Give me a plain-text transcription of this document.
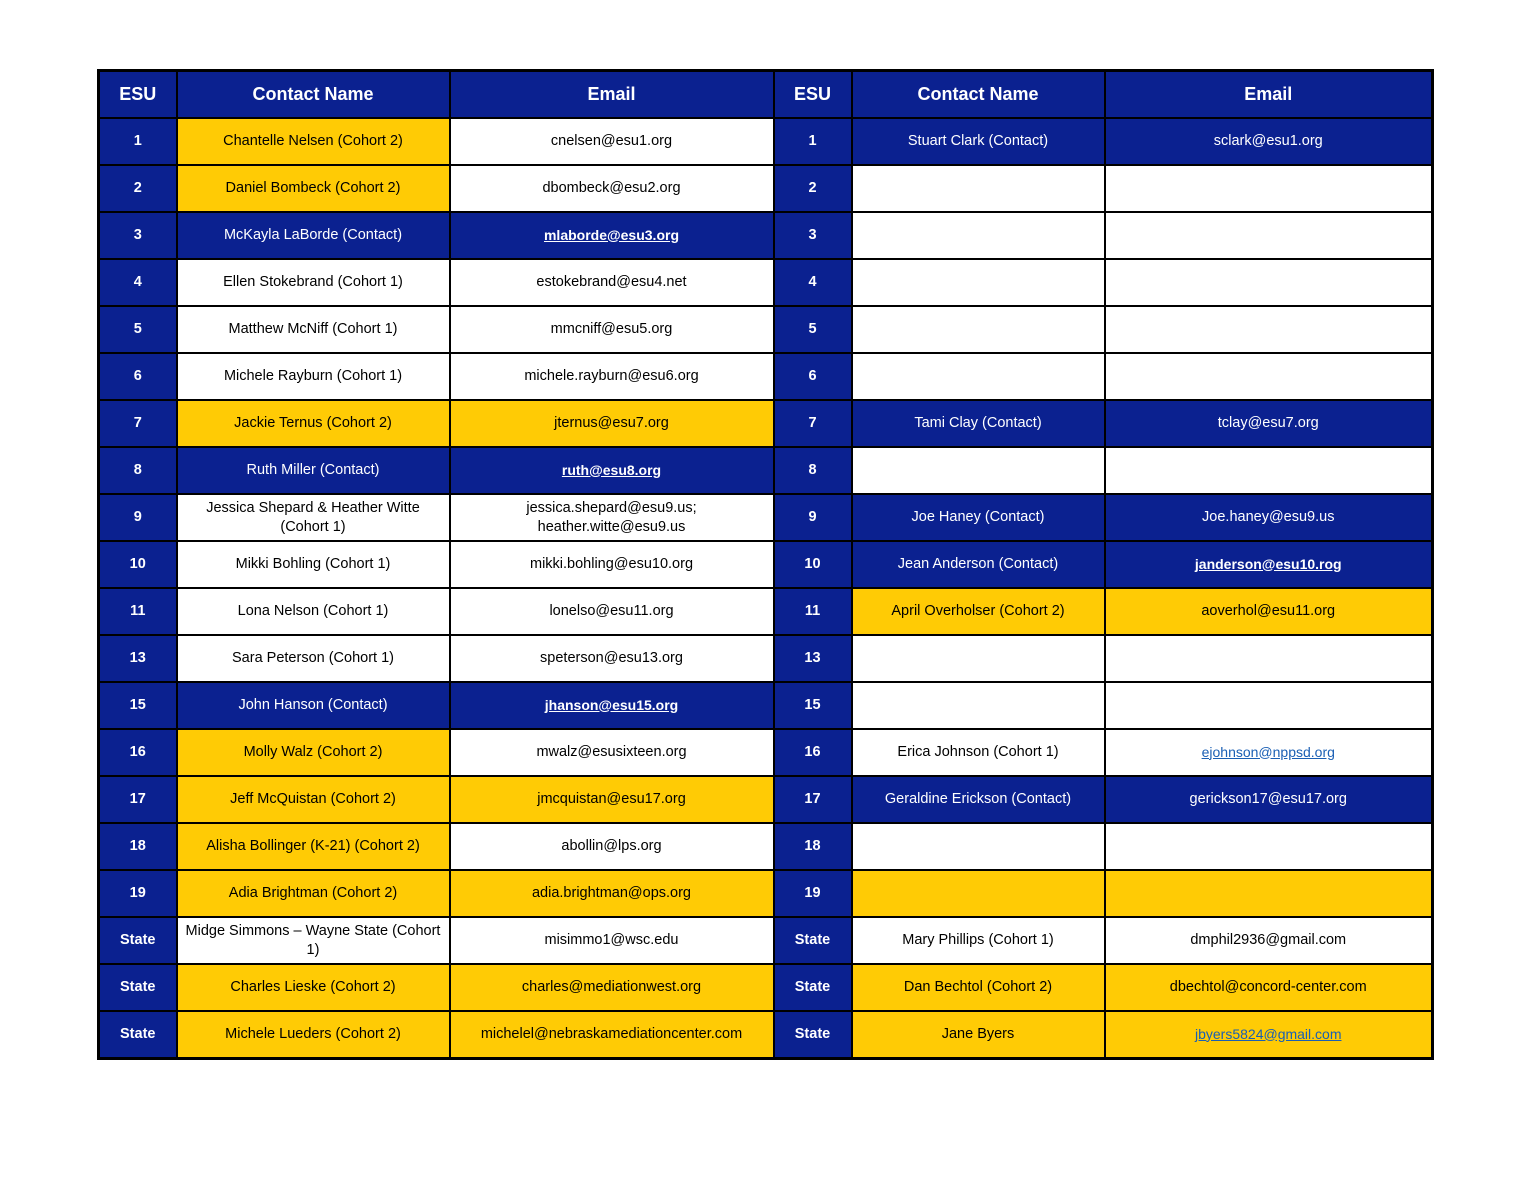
ESU	Contact Name	Email	ESU	Contact Name	Email
1	Chantelle Nelsen (Cohort 2)	cnelsen@esu1.org	1	Stuart Clark (Contact)	sclark@esu1.org
2	Daniel Bombeck (Cohort 2)	dbombeck@esu2.org	2		
3	McKayla LaBorde (Contact)	mlaborde@esu3.org	3		
4	Ellen Stokebrand (Cohort 1)	estokebrand@esu4.net	4		
5	Matthew McNiff (Cohort 1)	mmcniff@esu5.org	5		
6	Michele Rayburn (Cohort 1)	michele.rayburn@esu6.org	6		
7	Jackie Ternus (Cohort 2)	jternus@esu7.org	7	Tami Clay (Contact)	tclay@esu7.org
8	Ruth Miller (Contact)	ruth@esu8.org	8		
9	Jessica Shepard & Heather Witte (Cohort 1)	jessica.shepard@esu9.us; heather.witte@esu9.us	9	Joe Haney (Contact)	Joe.haney@esu9.us
10	Mikki Bohling (Cohort 1)	mikki.bohling@esu10.org	10	Jean Anderson (Contact)	janderson@esu10.rog
11	Lona Nelson (Cohort 1)	lonelso@esu11.org	11	April Overholser (Cohort 2)	aoverhol@esu11.org
13	Sara Peterson (Cohort 1)	speterson@esu13.org	13		
15	John Hanson (Contact)	jhanson@esu15.org	15		
16	Molly Walz (Cohort 2)	mwalz@esusixteen.org	16	Erica Johnson (Cohort 1)	ejohnson@nppsd.org
17	Jeff McQuistan (Cohort 2)	jmcquistan@esu17.org	17	Geraldine Erickson (Contact)	gerickson17@esu17.org
18	Alisha Bollinger (K-21) (Cohort 2)	abollin@lps.org	18		
19	Adia Brightman (Cohort 2)	adia.brightman@ops.org	19		
State	Midge Simmons – Wayne State (Cohort 1)	misimmo1@wsc.edu	State	Mary Phillips (Cohort 1)	dmphil2936@gmail.com
State	Charles Lieske (Cohort 2)	charles@mediationwest.org	State	Dan Bechtol (Cohort 2)	dbechtol@concord-center.com
State	Michele Lueders (Cohort 2)	michelel@nebraskamediationcenter.com	State	Jane Byers	jbyers5824@gmail.com
